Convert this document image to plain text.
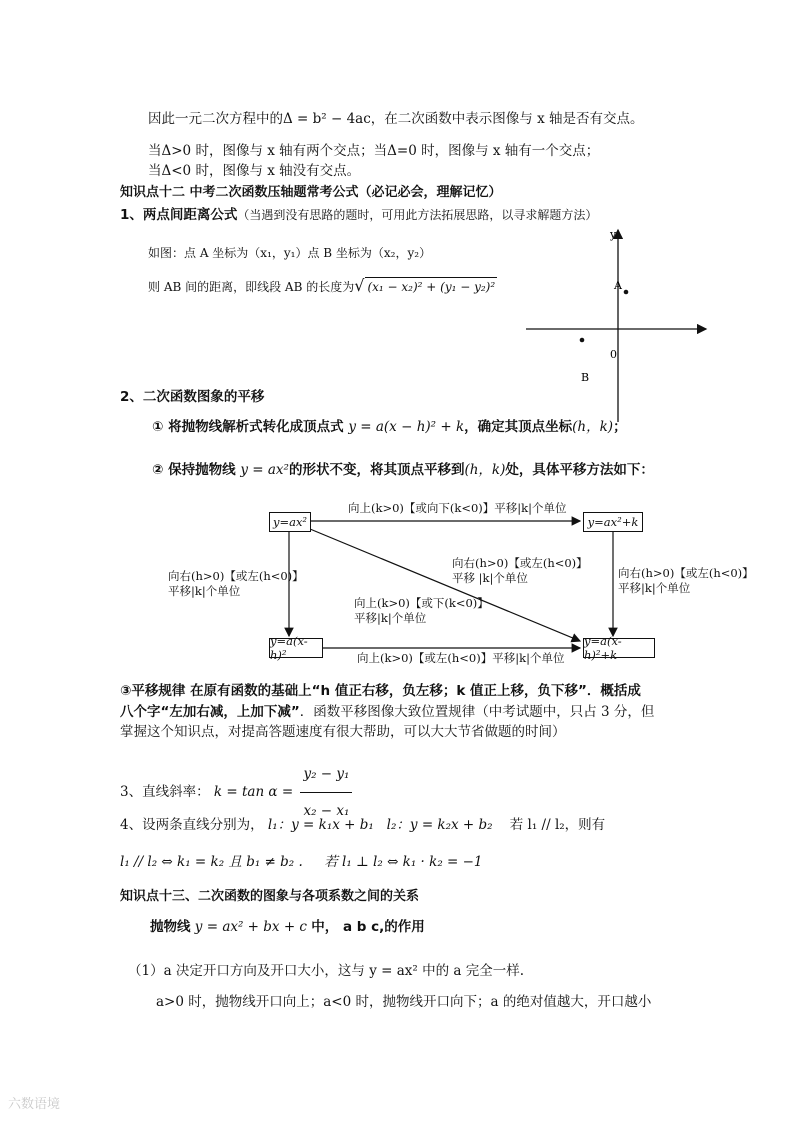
因此一元二次方程中的Δ = b² − 4ac，在二次函数中表示图像与 x 轴是否有交点。
当Δ>0 时，图像与 x 轴有两个交点；当Δ=0 时，图像与 x 轴有一个交点；
当Δ<0 时，图像与 x 轴没有交点。
知识点十二 中考二次函数压轴题常考公式（必记必会，理解记忆）
1、两点间距离公式（当遇到没有思路的题时，可用此方法拓展思路，以寻求解题方法）
如图：点 A 坐标为（x₁，y₁）点 B 坐标为（x₂，y₂）
则 AB 间的距离，即线段 AB 的长度为√ (x₁ − x₂)² + (y₁ − y₂)²
y
A
0
B
2、二次函数图象的平移
① 将抛物线解析式转化成顶点式 y = a(x − h)² + k，确定其顶点坐标(h，k)；
② 保持抛物线 y = ax²的形状不变，将其顶点平移到(h，k)处，具体平移方法如下：
y=ax²	y=ax²+k
y=a(x-h)²
y=a(x-h)²+k
向上(k>0)【或向下(k<0)】平移|k|个单位
向右(h>0)【或左(h<0)】
平移|k|个单位
向右(h>0)【或左(h<0)】
平移|k|个单位
向右(h>0)【或左(h<0)】
平移 |k|个单位
向上(k>0)【或下(k<0)】
平移|k|个单位
向上(k>0)【或左(h<0)】平移|k|个单位
③平移规律 在原有函数的基础上“h 值正右移，负左移；k 值正上移，负下移”．概括成
八个字“左加右减，上加下减”．函数平移图像大致位置规律（中考试题中，只占 3 分，但
掌握这个知识点，对提高答题速度有很大帮助，可以大大节省做题的时间）
3、直线斜率： $k = \tan \alpha = \frac{\text{y₂ − y₁}}{\text{x₂ − x₁}}$
4、设两条直线分别为， l₁：y = k₁x + b₁ l₂：y = k₂x + b₂ 若 l₁ // l₂，则有
l₁ // l₂ ⇔ k₁ = k₂ 且 b₁ ≠ b₂ . 若 l₁ ⊥ l₂ ⇔ k₁ · k₂ = −1
知识点十三、二次函数的图象与各项系数之间的关系
抛物线 y = ax² + bx + c 中， a b c,的作用
（1）a 决定开口方向及开口大小，这与 y = ax² 中的 a 完全一样.
a>0 时，抛物线开口向上；a<0 时，抛物线开口向下；a 的绝对值越大，开口越小
六数语境
